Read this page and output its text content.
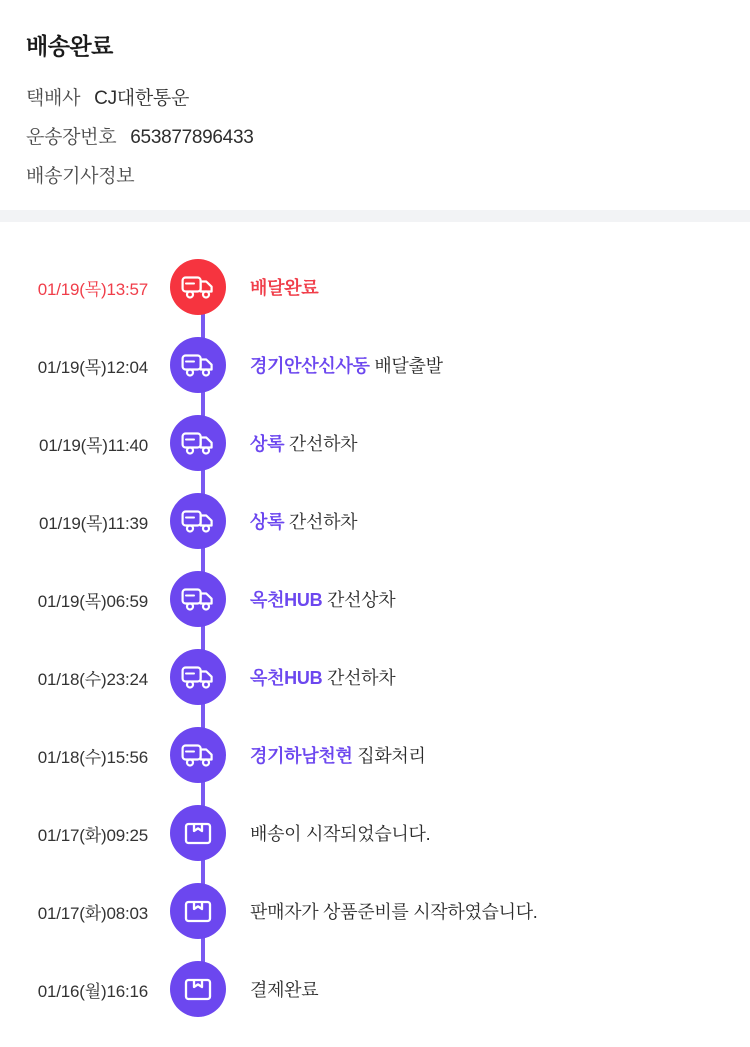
배송완료
택배사 CJ대한통운
운송장번호 653877896433
배송기사정보
01/19(목)13:57	배달완료
01/19(목)12:04	경기안산신사동 배달출발
01/19(목)11:40	상록 간선하차
01/19(목)11:39	상록 간선하차
01/19(목)06:59	옥천HUB 간선상차
01/18(수)23:24	옥천HUB 간선하차
01/18(수)15:56	경기하남천현 집화처리
01/17(화)09:25	배송이 시작되었습니다.
01/17(화)08:03	판매자가 상품준비를 시작하였습니다.
01/16(월)16:16	결제완료
